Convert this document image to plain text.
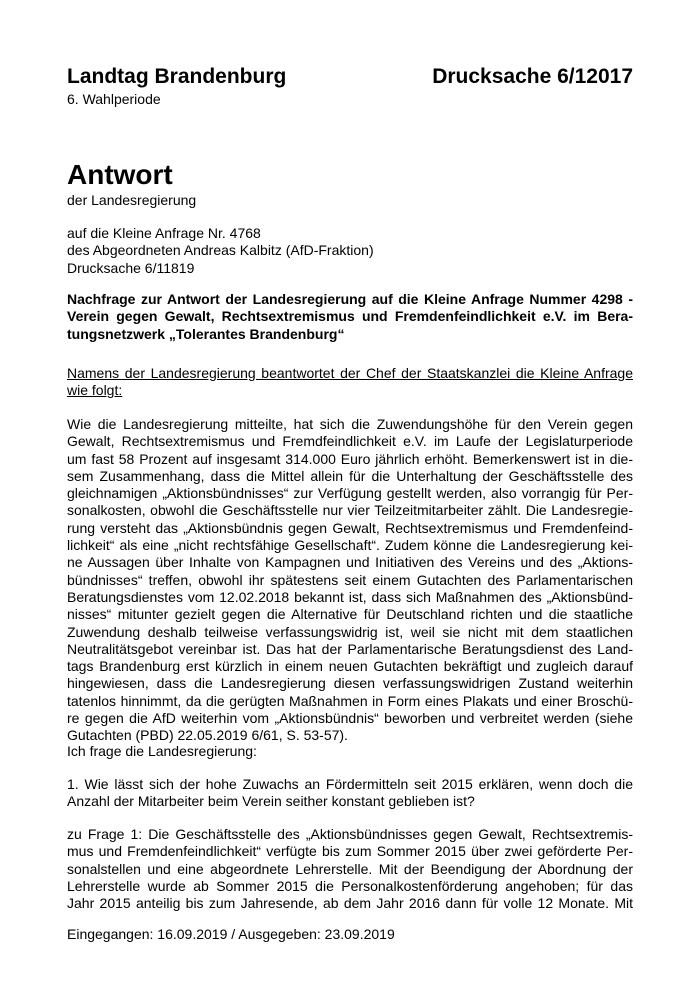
Landtag Brandenburg	Drucksache 6/12017
6. Wahlperiode
Antwort
der Landesregierung
auf die Kleine Anfrage Nr. 4768
des Abgeordneten Andreas Kalbitz (AfD-Fraktion)
Drucksache 6/11819
Nachfrage zur Antwort der Landesregierung auf die Kleine Anfrage Nummer 4298 -
Verein gegen Gewalt, Rechtsextremismus und Fremdenfeindlichkeit e.V. im Bera-
tungsnetzwerk „Tolerantes Brandenburg“
Namens der Landesregierung beantwortet der Chef der Staatskanzlei die Kleine Anfrage
wie folgt:
Wie die Landesregierung mitteilte, hat sich die Zuwendungshöhe für den Verein gegen
Gewalt, Rechtsextremismus und Fremdfeindlichkeit e.V. im Laufe der Legislaturperiode
um fast 58 Prozent auf insgesamt 314.000 Euro jährlich erhöht. Bemerkenswert ist in die-
sem Zusammenhang, dass die Mittel allein für die Unterhaltung der Geschäftsstelle des
gleichnamigen „Aktionsbündnisses“ zur Verfügung gestellt werden, also vorrangig für Per-
sonalkosten, obwohl die Geschäftsstelle nur vier Teilzeitmitarbeiter zählt. Die Landesregie-
rung versteht das „Aktionsbündnis gegen Gewalt, Rechtsextremismus und Fremdenfeind-
lichkeit“ als eine „nicht rechtsfähige Gesellschaft“. Zudem könne die Landesregierung kei-
ne Aussagen über Inhalte von Kampagnen und Initiativen des Vereins und des „Aktions-
bündnisses“ treffen, obwohl ihr spätestens seit einem Gutachten des Parlamentarischen
Beratungsdienstes vom 12.02.2018 bekannt ist, dass sich Maßnahmen des „Aktionsbünd-
nisses“ mitunter gezielt gegen die Alternative für Deutschland richten und die staatliche
Zuwendung deshalb teilweise verfassungswidrig ist, weil sie nicht mit dem staatlichen
Neutralitätsgebot vereinbar ist. Das hat der Parlamentarische Beratungsdienst des Land-
tags Brandenburg erst kürzlich in einem neuen Gutachten bekräftigt und zugleich darauf
hingewiesen, dass die Landesregierung diesen verfassungswidrigen Zustand weiterhin
tatenlos hinnimmt, da die gerügten Maßnahmen in Form eines Plakats und einer Broschü-
re gegen die AfD weiterhin vom „Aktionsbündnis“ beworben und verbreitet werden (siehe
Gutachten (PBD) 22.05.2019 6/61, S. 53-57).
Ich frage die Landesregierung:
1. Wie lässt sich der hohe Zuwachs an Fördermitteln seit 2015 erklären, wenn doch die
Anzahl der Mitarbeiter beim Verein seither konstant geblieben ist?
zu Frage 1: Die Geschäftsstelle des „Aktionsbündnisses gegen Gewalt, Rechtsextremis-
mus und Fremdenfeindlichkeit“ verfügte bis zum Sommer 2015 über zwei geförderte Per-
sonalstellen und eine abgeordnete Lehrerstelle. Mit der Beendigung der Abordnung der
Lehrerstelle wurde ab Sommer 2015 die Personalkostenförderung angehoben; für das
Jahr 2015 anteilig bis zum Jahresende, ab dem Jahr 2016 dann für volle 12 Monate. Mit
Eingegangen: 16.09.2019 / Ausgegeben: 23.09.2019
